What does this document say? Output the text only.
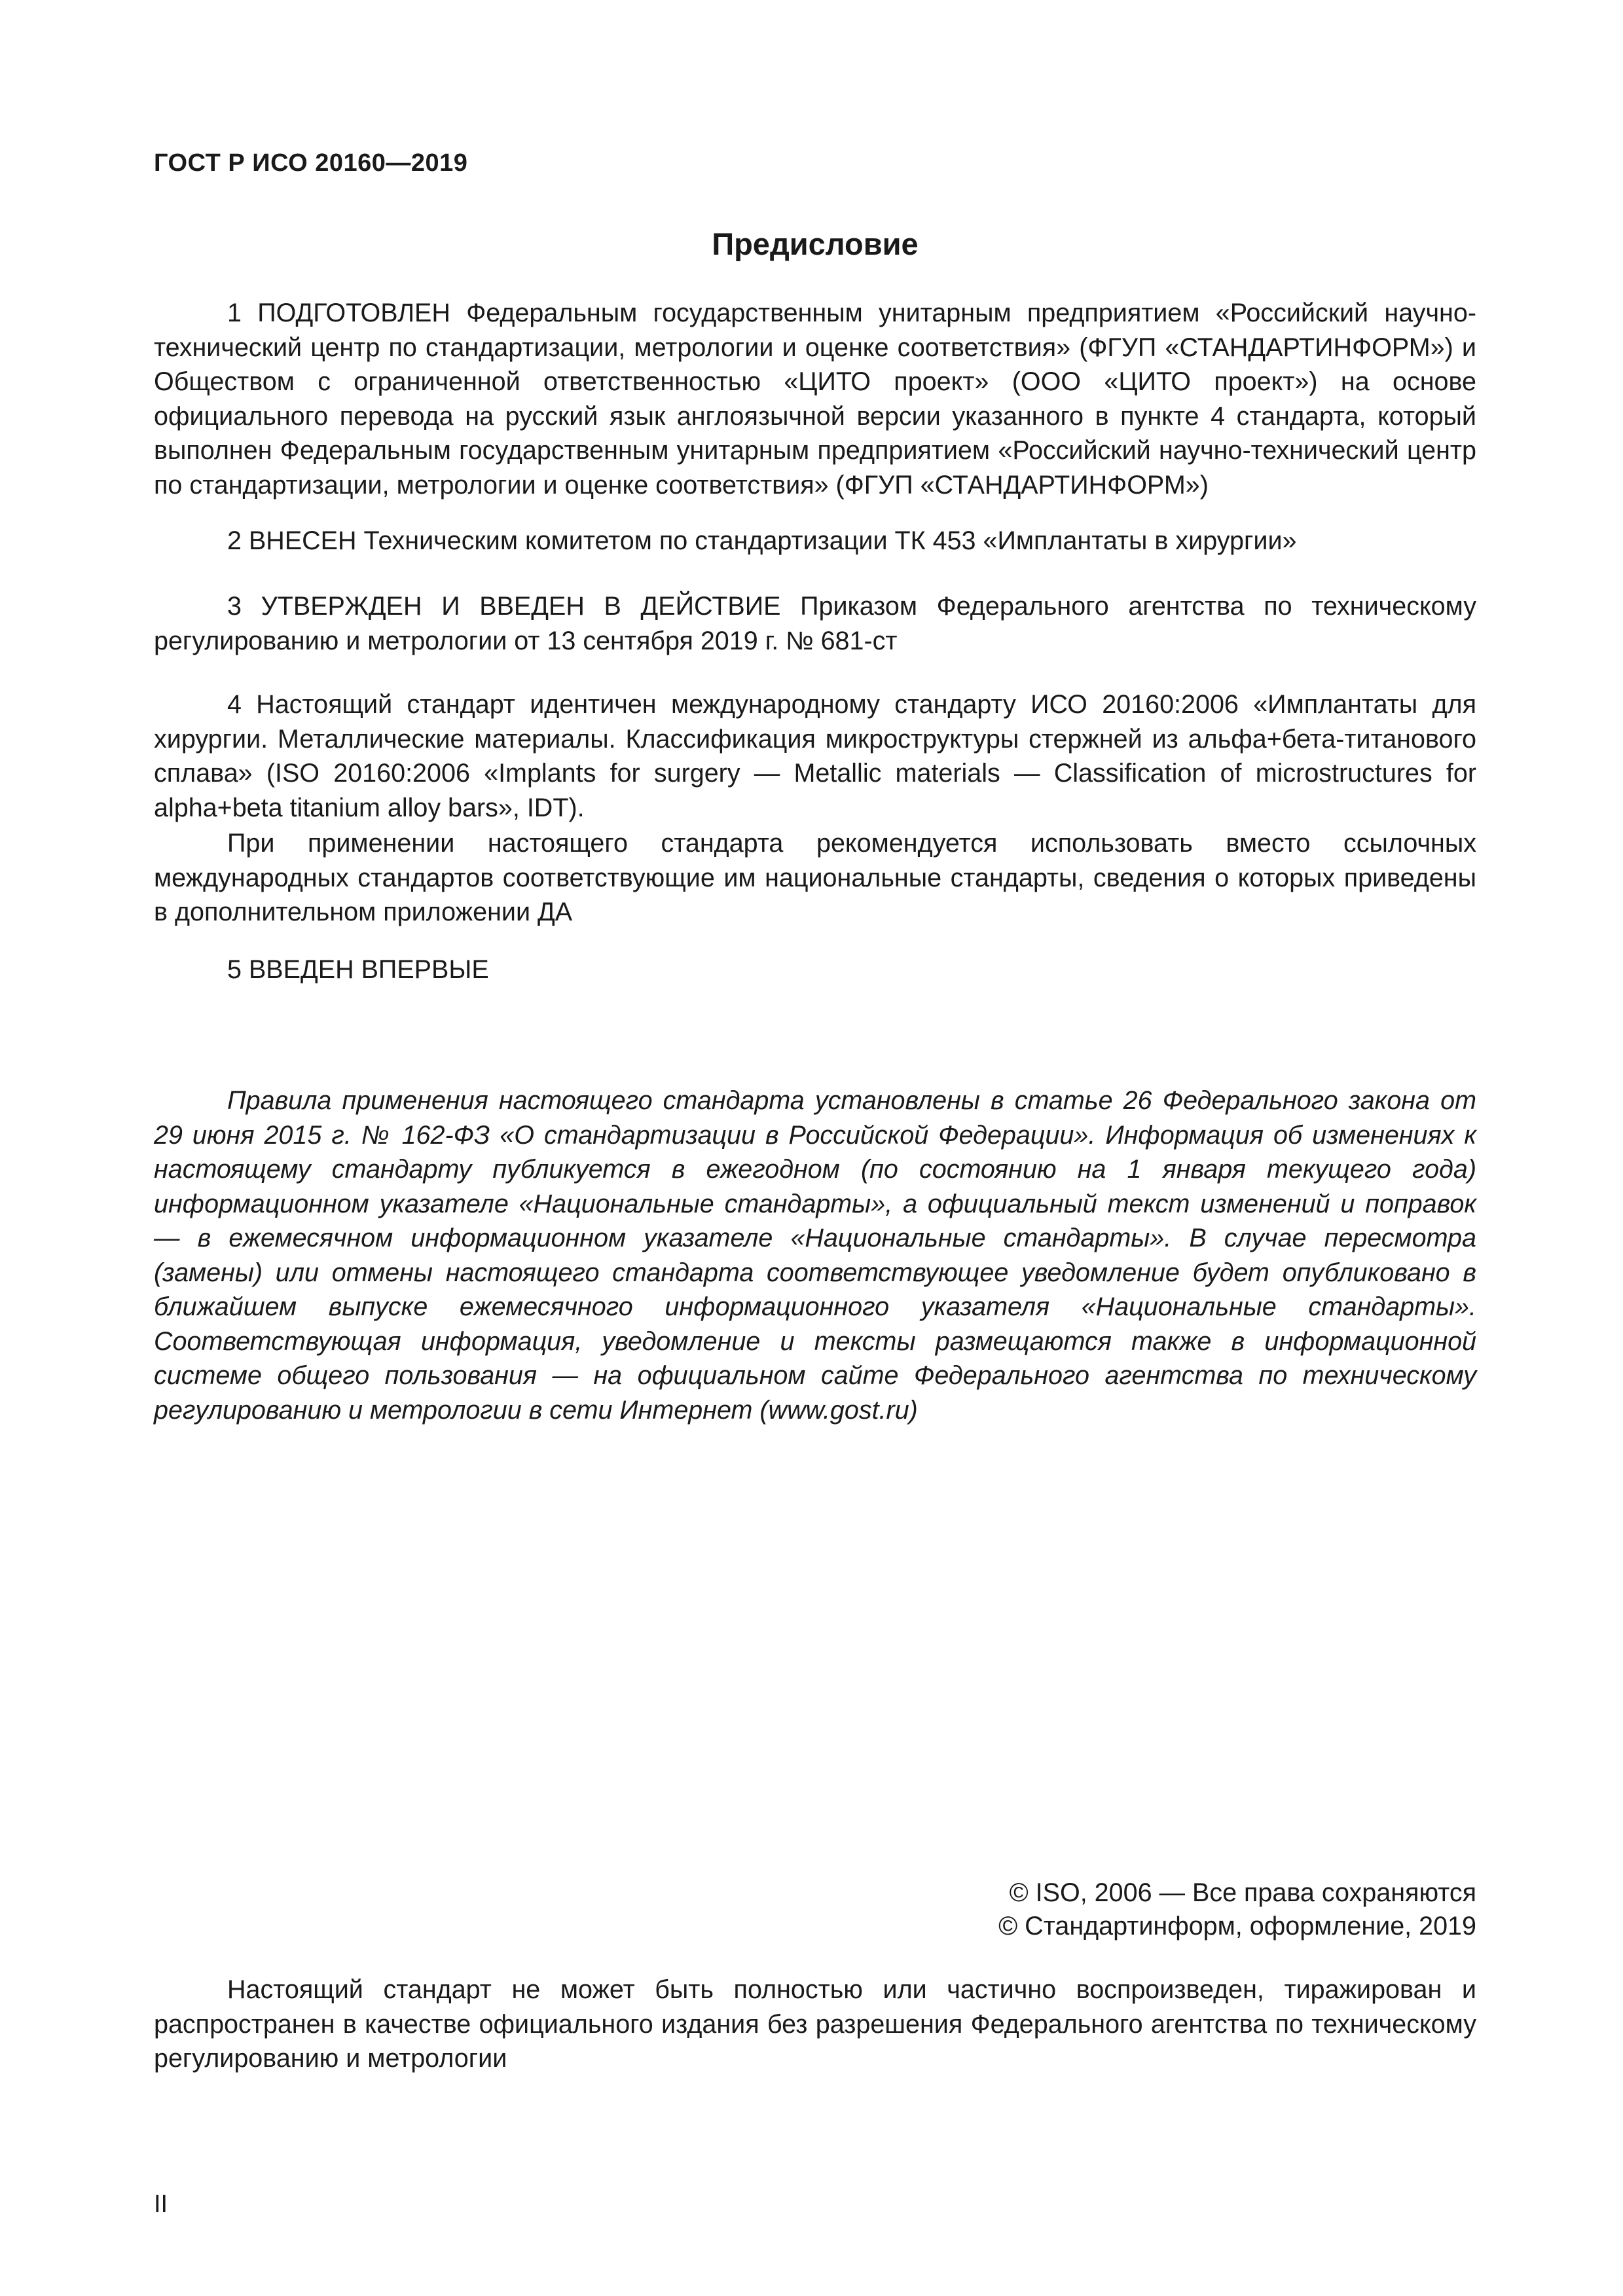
ГОСТ Р ИСО 20160—2019
Предисловие

1 ПОДГОТОВЛЕН Федеральным государственным унитарным предприятием «Российский научно-технический центр по стандартизации, метрологии и оценке соответствия» (ФГУП «СТАНДАРТИНФОРМ») и Обществом с ограниченной ответственностью «ЦИТО проект» (ООО «ЦИТО проект») на основе официального перевода на русский язык англоязычной версии указанного в пункте 4 стандарта, который выполнен Федеральным государственным унитарным предприятием «Российский научно-технический центр по стандартизации, метрологии и оценке соответствия» (ФГУП «СТАНДАРТИНФОРМ»)

2 ВНЕСЕН Техническим комитетом по стандартизации ТК 453 «Имплантаты в хирургии»

3 УТВЕРЖДЕН И ВВЕДЕН В ДЕЙСТВИЕ Приказом Федерального агентства по техническому регулированию и метрологии от 13 сентября 2019 г. № 681-ст

4 Настоящий стандарт идентичен международному стандарту ИСО 20160:2006 «Имплантаты для хирургии. Металлические материалы. Классификация микроструктуры стержней из альфа+бета-титанового сплава» (ISO 20160:2006 «Implants for surgery — Metallic materials — Classification of microstructures for alpha+beta titanium alloy bars», IDT).

При применении настоящего стандарта рекомендуется использовать вместо ссылочных международных стандартов соответствующие им национальные стандарты, сведения о которых приведены в дополнительном приложении ДА

5 ВВЕДЕН ВПЕРВЫЕ

Правила применения настоящего стандарта установлены в статье 26 Федерального закона от 29 июня 2015 г. № 162-ФЗ «О стандартизации в Российской Федерации». Информация об изменениях к настоящему стандарту публикуется в ежегодном (по состоянию на 1 января текущего года) информационном указателе «Национальные стандарты», а официальный текст изменений и поправок — в ежемесячном информационном указателе «Национальные стандарты». В случае пересмотра (замены) или отмены настоящего стандарта соответствующее уведомление будет опубликовано в ближайшем выпуске ежемесячного информационного указателя «Национальные стандарты». Соответствующая информация, уведомление и тексты размещаются также в информационной системе общего пользования — на официальном сайте Федерального агентства по техническому регулированию и метрологии в сети Интернет (www.gost.ru)

© ISO, 2006 — Все права сохраняются
© Стандартинформ, оформление, 2019

Настоящий стандарт не может быть полностью или частично воспроизведен, тиражирован и распространен в качестве официального издания без разрешения Федерального агентства по техническому регулированию и метрологии

II
